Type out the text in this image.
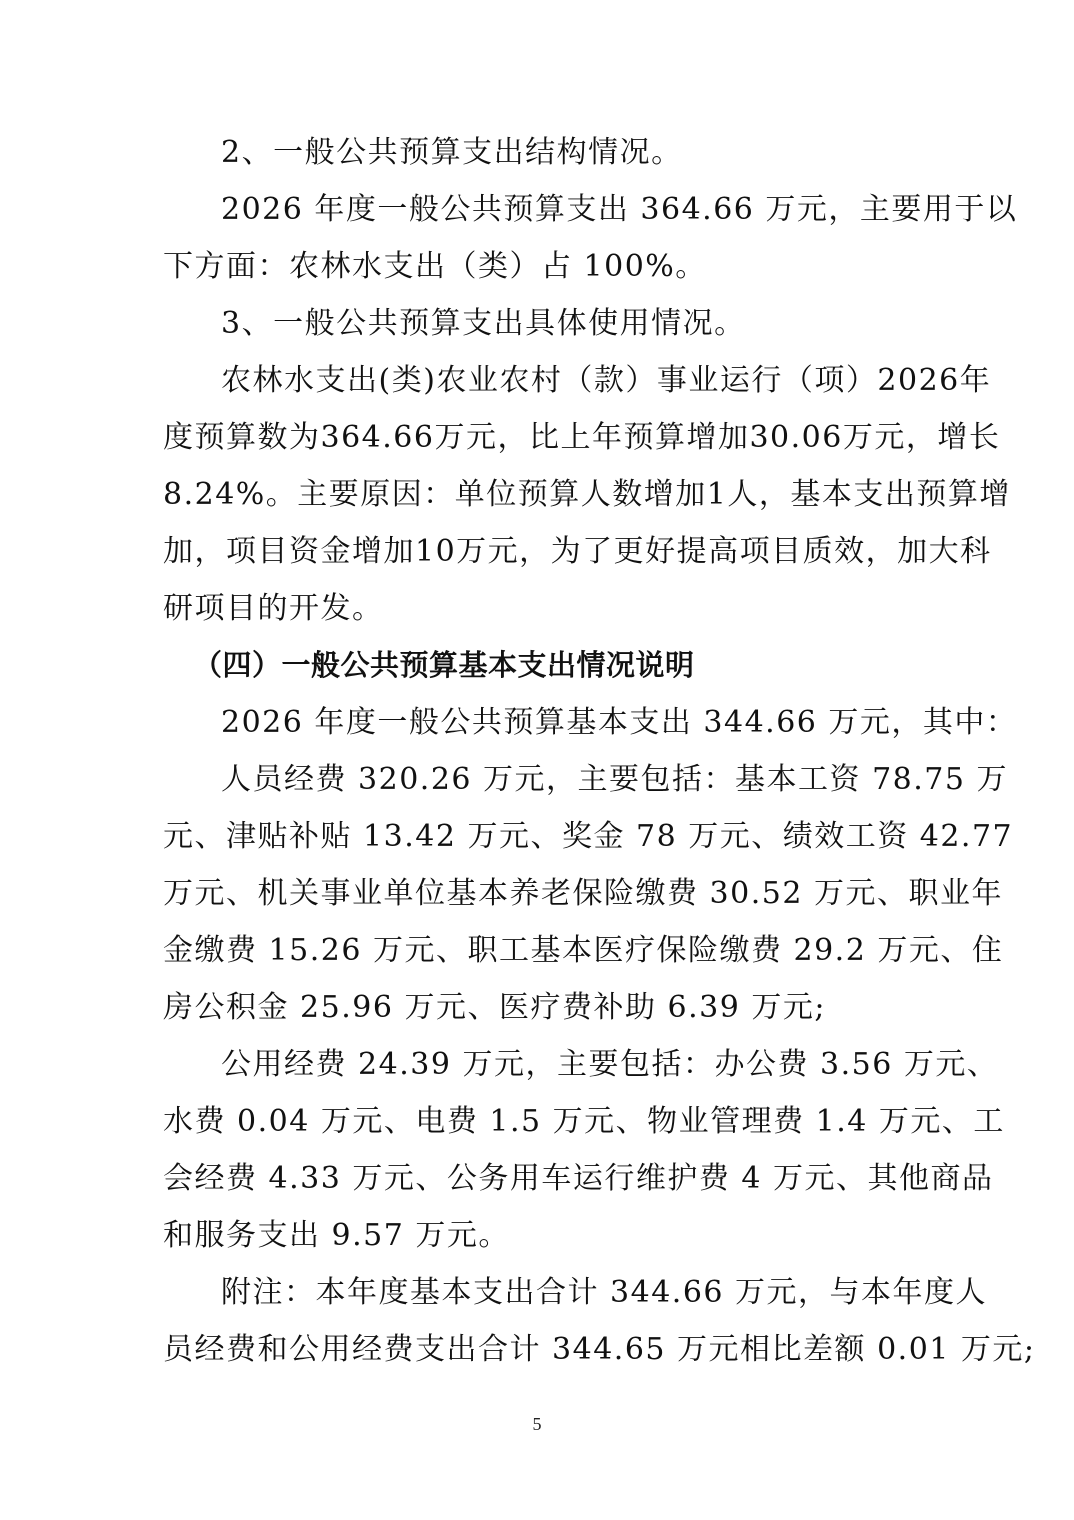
2、一般公共预算支出结构情况。
2026 年度一般公共预算支出 364.66 万元，主要用于以
下方面：农林水支出（类）占 100%。
3、一般公共预算支出具体使用情况。
农林水支出(类)农业农村（款）事业运行（项）2026年
度预算数为364.66万元，比上年预算增加30.06万元，增长
8.24%。主要原因：单位预算人数增加1人，基本支出预算增
加，项目资金增加10万元，为了更好提高项目质效，加大科
研项目的开发。
（四）一般公共预算基本支出情况说明
2026 年度一般公共预算基本支出 344.66 万元，其中：
人员经费 320.26 万元，主要包括：基本工资 78.75 万
元、津贴补贴 13.42 万元、奖金 78 万元、绩效工资 42.77
万元、机关事业单位基本养老保险缴费 30.52 万元、职业年
金缴费 15.26 万元、职工基本医疗保险缴费 29.2 万元、住
房公积金 25.96 万元、医疗费补助 6.39 万元;
公用经费 24.39 万元，主要包括：办公费 3.56 万元、
水费 0.04 万元、电费 1.5 万元、物业管理费 1.4 万元、工
会经费 4.33 万元、公务用车运行维护费 4 万元、其他商品
和服务支出 9.57 万元。
附注：本年度基本支出合计 344.66 万元，与本年度人
员经费和公用经费支出合计 344.65 万元相比差额 0.01 万元;
5
